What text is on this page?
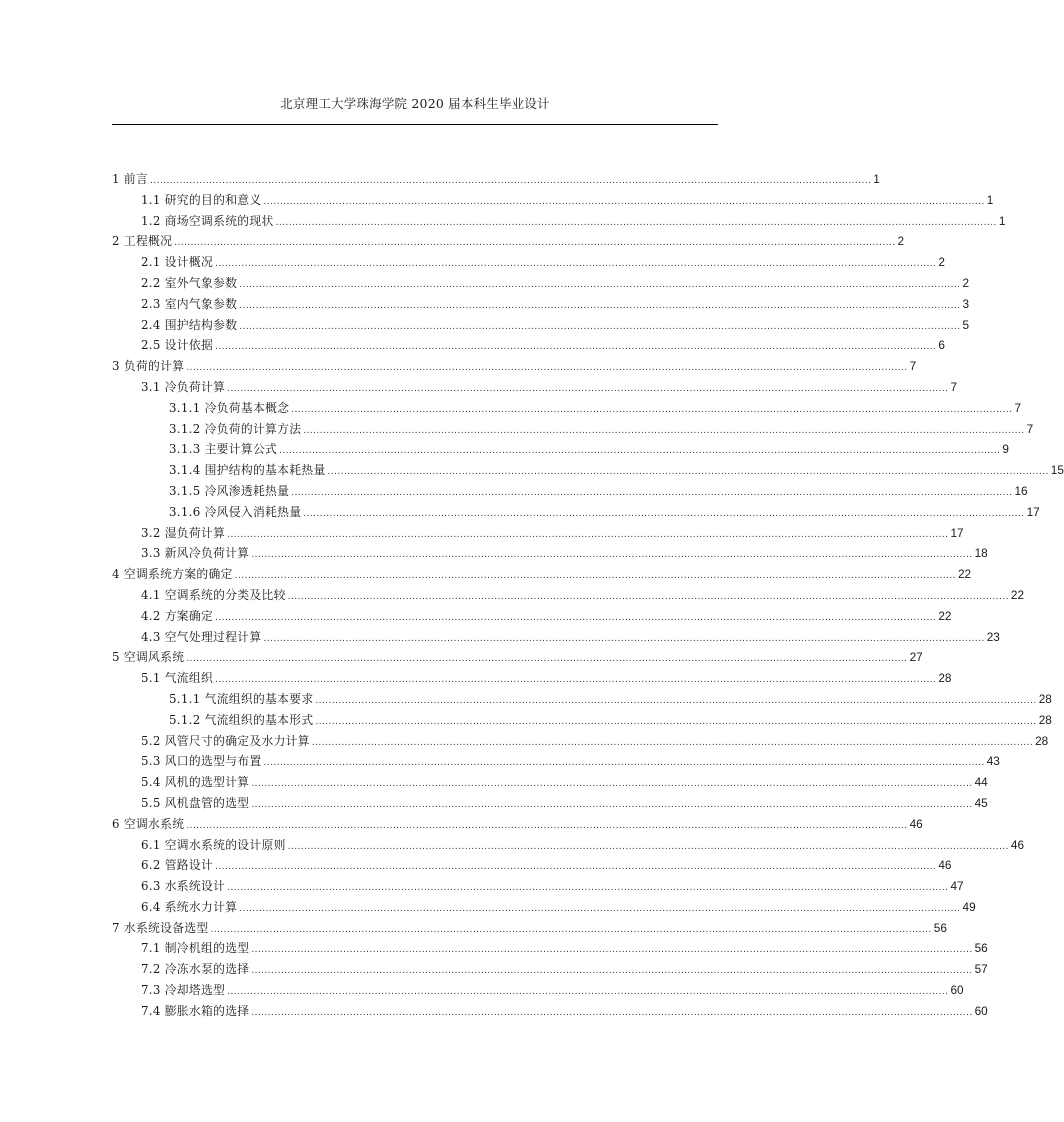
北京理工大学珠海学院 2020 届本科生毕业设计
1 前言 ............................................................................................................................................................................................................................ 1
1.1 研究的目的和意义 ............................................................................................................................................................................................................................ 1
1.2 商场空调系统的现状 ............................................................................................................................................................................................................................ 1
2 工程概况 ............................................................................................................................................................................................................................ 2
2.1 设计概况 ............................................................................................................................................................................................................................ 2
2.2 室外气象参数 ............................................................................................................................................................................................................................ 2
2.3 室内气象参数 ............................................................................................................................................................................................................................ 3
2.4 围护结构参数 ............................................................................................................................................................................................................................ 5
2.5 设计依据 ............................................................................................................................................................................................................................ 6
3 负荷的计算 ............................................................................................................................................................................................................................ 7
3.1 冷负荷计算 ............................................................................................................................................................................................................................ 7
3.1.1 冷负荷基本概念 ............................................................................................................................................................................................................................ 7
3.1.2 冷负荷的计算方法 ............................................................................................................................................................................................................................ 7
3.1.3 主要计算公式 ............................................................................................................................................................................................................................ 9
3.1.4 围护结构的基本耗热量 ............................................................................................................................................................................................................................ 15
3.1.5 冷风渗透耗热量 ............................................................................................................................................................................................................................ 16
3.1.6 冷风侵入消耗热量 ............................................................................................................................................................................................................................ 17
3.2 湿负荷计算 ............................................................................................................................................................................................................................ 17
3.3 新风冷负荷计算 ............................................................................................................................................................................................................................ 18
4 空调系统方案的确定 ............................................................................................................................................................................................................................ 22
4.1 空调系统的分类及比较 ............................................................................................................................................................................................................................ 22
4.2 方案确定 ............................................................................................................................................................................................................................ 22
4.3 空气处理过程计算 ............................................................................................................................................................................................................................ 23
5 空调风系统 ............................................................................................................................................................................................................................ 27
5.1 气流组织 ............................................................................................................................................................................................................................ 28
5.1.1 气流组织的基本要求 ............................................................................................................................................................................................................................ 28
5.1.2 气流组织的基本形式 ............................................................................................................................................................................................................................ 28
5.2 风管尺寸的确定及水力计算 ............................................................................................................................................................................................................................ 28
5.3 风口的选型与布置 ............................................................................................................................................................................................................................ 43
5.4 风机的选型计算 ............................................................................................................................................................................................................................ 44
5.5 风机盘管的选型 ............................................................................................................................................................................................................................ 45
6 空调水系统 ............................................................................................................................................................................................................................ 46
6.1 空调水系统的设计原则 ............................................................................................................................................................................................................................ 46
6.2 管路设计 ............................................................................................................................................................................................................................ 46
6.3 水系统设计 ............................................................................................................................................................................................................................ 47
6.4 系统水力计算 ............................................................................................................................................................................................................................ 49
7 水系统设备选型 ............................................................................................................................................................................................................................ 56
7.1 制冷机组的选型 ............................................................................................................................................................................................................................ 56
7.2 冷冻水泵的选择 ............................................................................................................................................................................................................................ 57
7.3 冷却塔选型 ............................................................................................................................................................................................................................ 60
7.4 膨胀水箱的选择 ............................................................................................................................................................................................................................ 60
